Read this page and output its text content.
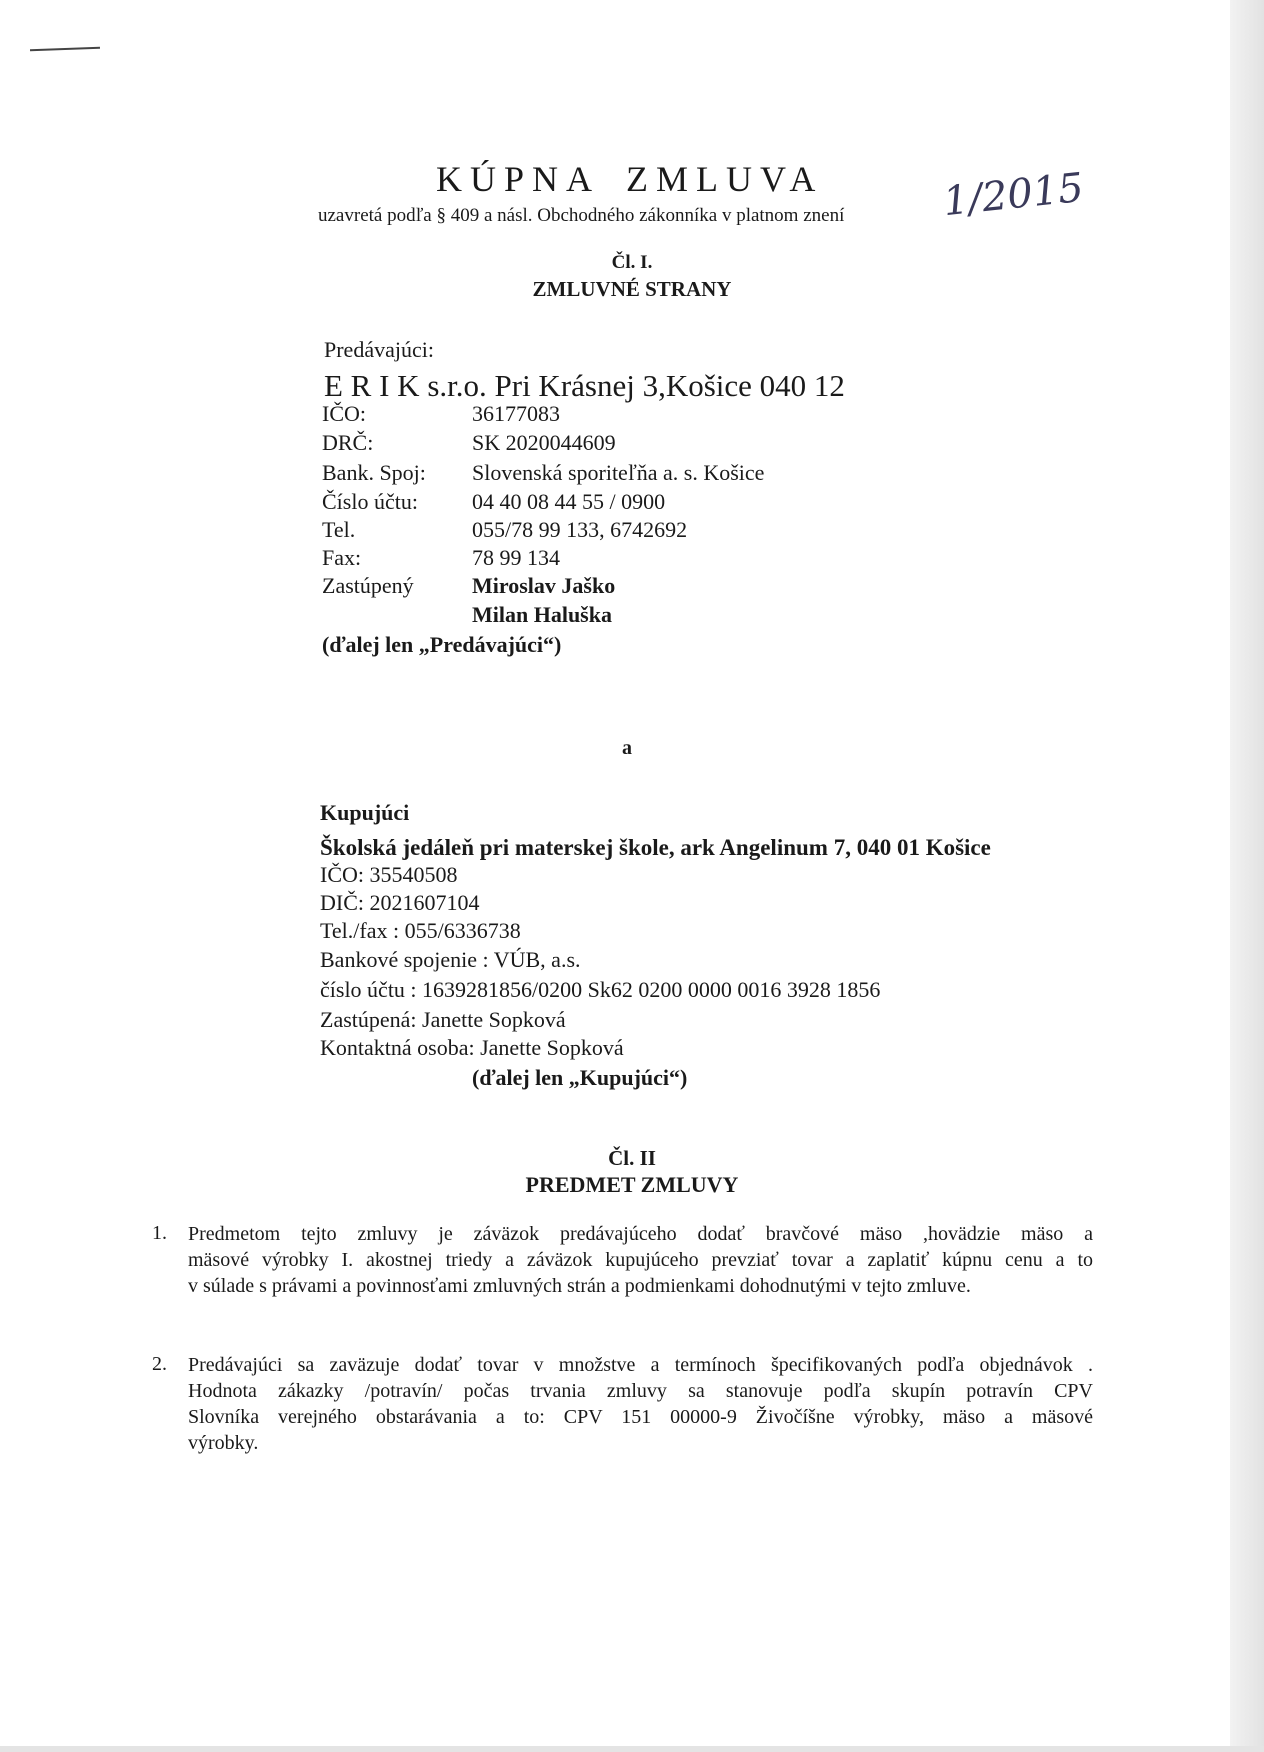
KÚPNA ZMLUVA
uzavretá podľa § 409 a násl. Obchodného zákonníka v platnom znení 1/2015
Čl. I.
ZMLUVNÉ STRANY
Predávajúci:
E R I K s.r.o. Pri Krásnej 3,Košice 040 12
IČO:	36177083
DRČ:	SK 2020044609
Bank. Spoj: Slovenská sporiteľňa a. s. Košice
Číslo účtu: 04 40 08 44 55 / 0900
Tel.	055/78 99 133, 6742692
Fax:	78 99 134
Zastúpený	Miroslav Jaško
Milan Haluška
(ďalej len „Predávajúci“)
a
Kupujúci
Školská jedáleň pri materskej škole, ark Angelinum 7, 040 01 Košice
IČO: 35540508
DIČ: 2021607104
Tel./fax : 055/6336738
Bankové spojenie : VÚB, a.s.
číslo účtu : 1639281856/0200 Sk62 0200 0000 0016 3928 1856
Zastúpená: Janette Sopková
Kontaktná osoba: Janette Sopková
(ďalej len „Kupujúci“)
Čl. II
PREDMET ZMLUVY
1. Predmetom tejto zmluvy je záväzok predávajúceho dodať bravčové mäso ,hovädzie mäso a
mäsové výrobky I. akostnej triedy a záväzok kupujúceho prevziať tovar a zaplatiť kúpnu cenu a to
v súlade s právami a povinnosťami zmluvných strán a podmienkami dohodnutými v tejto zmluve.
2. Predávajúci sa zaväzuje dodať tovar v množstve a termínoch špecifikovaných podľa objednávok .
Hodnota zákazky /potravín/ počas trvania zmluvy sa stanovuje podľa skupín potravín CPV
Slovníka verejného obstarávania a to: CPV 151 00000-9 Živočíšne výrobky, mäso a mäsové
výrobky.
